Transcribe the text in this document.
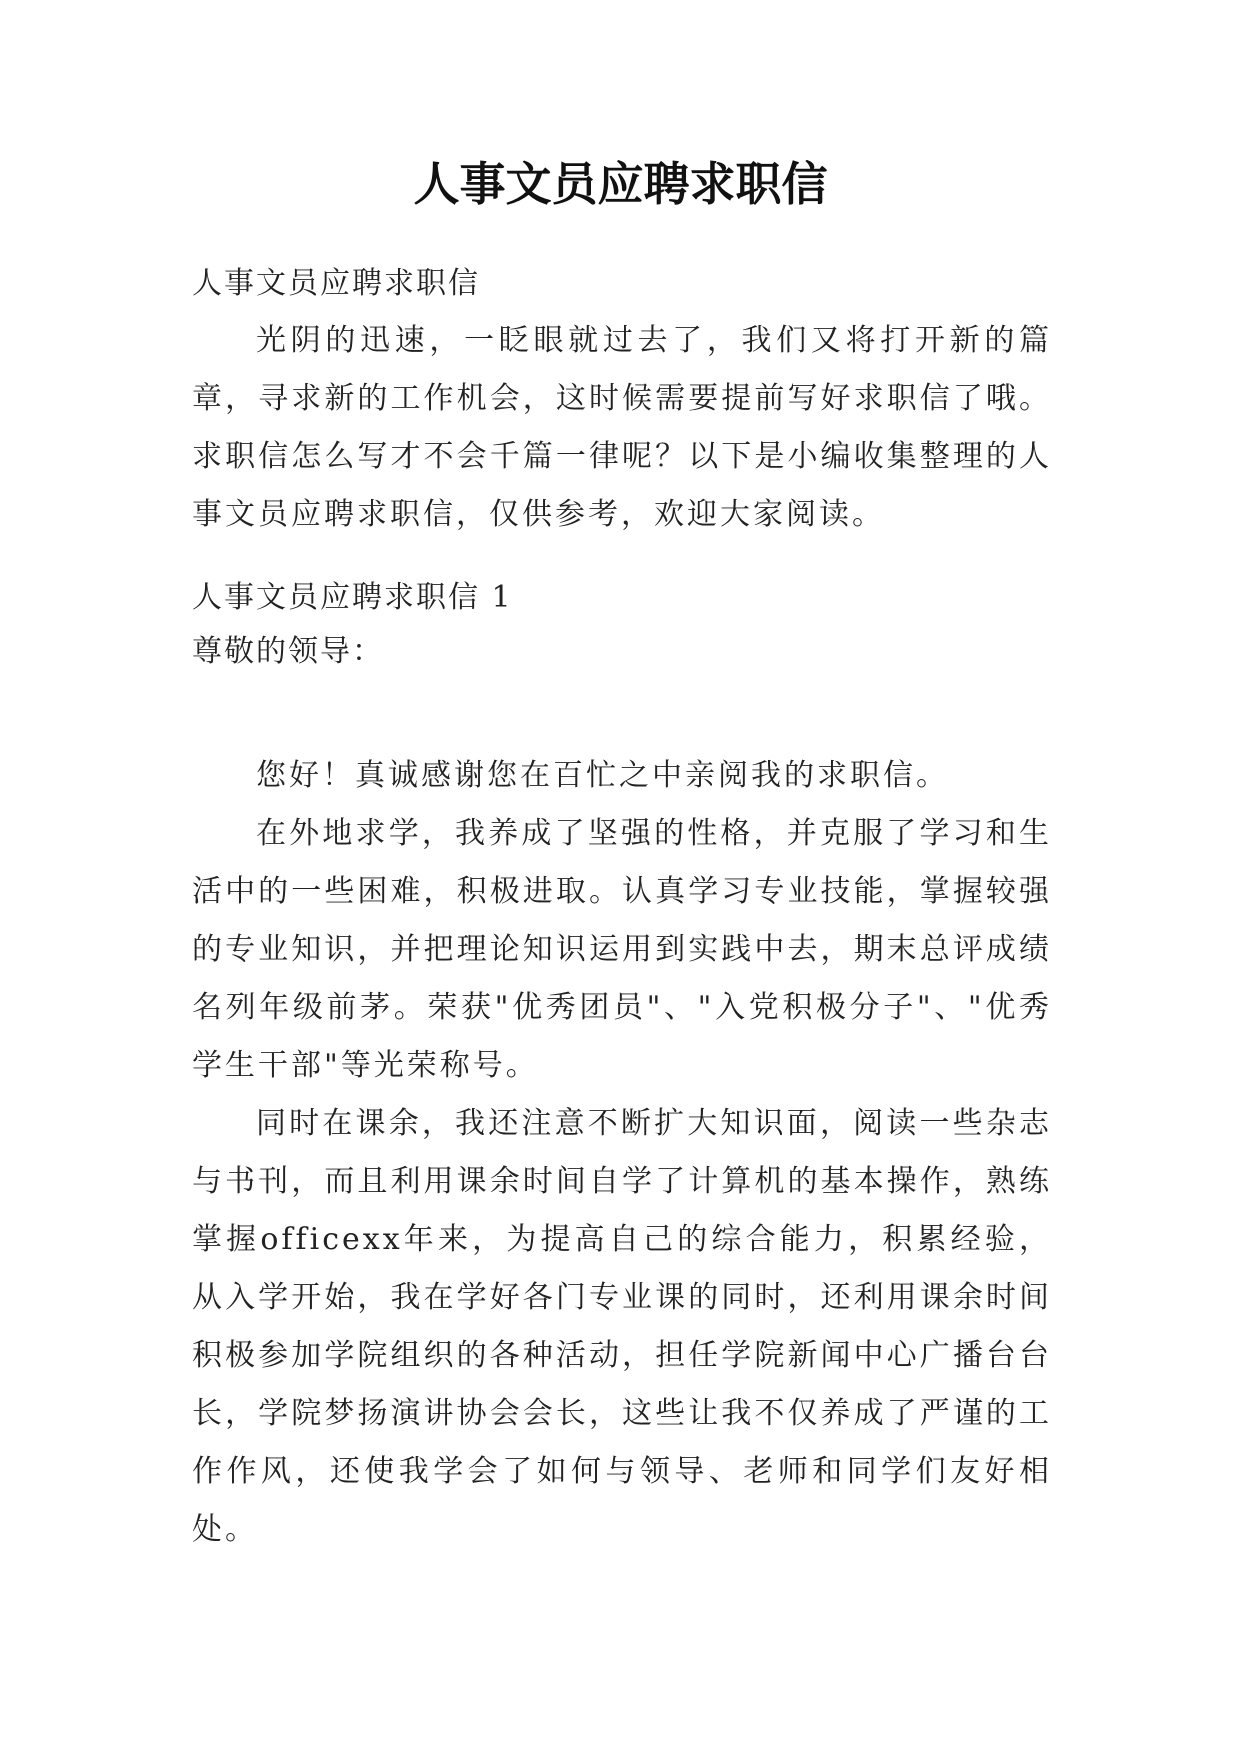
人事文员应聘求职信
人事文员应聘求职信
光阴的迅速，一眨眼就过去了，我们又将打开新的篇章，寻求新的工作机会，这时候需要提前写好求职信了哦。求职信怎么写才不会千篇一律呢？以下是小编收集整理的人事文员应聘求职信，仅供参考，欢迎大家阅读。
人事文员应聘求职信 1
尊敬的领导：
您好！真诚感谢您在百忙之中亲阅我的求职信。
在外地求学，我养成了坚强的性格，并克服了学习和生活中的一些困难，积极进取。认真学习专业技能，掌握较强的专业知识，并把理论知识运用到实践中去，期末总评成绩名列年级前茅。荣获"优秀团员"、"入党积极分子"、"优秀学生干部"等光荣称号。
同时在课余，我还注意不断扩大知识面，阅读一些杂志与书刊，而且利用课余时间自学了计算机的基本操作，熟练掌握officexx年来，为提高自己的综合能力，积累经验，从入学开始，我在学好各门专业课的同时，还利用课余时间积极参加学院组织的各种活动，担任学院新闻中心广播台台长，学院梦扬演讲协会会长，这些让我不仅养成了严谨的工作作风，还使我学会了如何与领导、老师和同学们友好相处。
